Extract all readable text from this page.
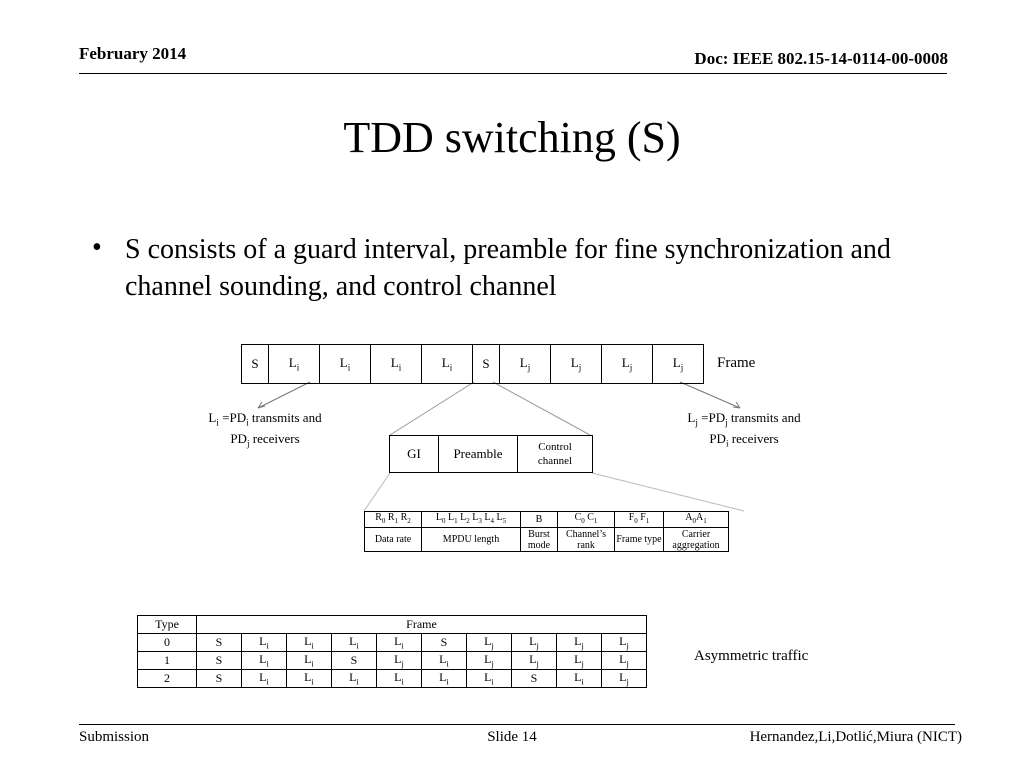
February 2014	Doc: IEEE 802.15-14-0114-00-0008
TDD switching (S)
• S consists of a guard interval, preamble for fine synchronization and channel sounding, and control channel
S	$L_i$	$L_i$	$L_i$	$L_i$	S	$L_j$	$L_j$	$L_j$	$L_j$ Frame
$L_i =PD_i$ transmits and
$PD_j$ receivers
$L_j =PD_j$ transmits and
$PD_i$ receivers
GI	Preamble	Control
channel
$R_0$ $R_1$ $R_2$	$L_0$ $L_1$ $L_2$ $L_3$ $L_4$ $L_5$	B	$C_0$ $C_1$	$F_0$ $F_1$	$A_0A_1$
Data rate	MPDU length	Burst mode	Channel’s rank	Frame type	Carrier aggregation
Type	Frame									
0	S	$L_i$	$L_i$	$L_i$	$L_i$	S	$L_j$	$L_j$	$L_j$	$L_j$
1	S	$L_i$	$L_i$	S	$L_j$	$L_i$	$L_j$	$L_j$	$L_j$	$L_j$
2	S	$L_i$	$L_i$	$L_i$	$L_i$	$L_i$	$L_i$	S	$L_i$	$L_j$
Asymmetric traffic
Submission	Slide 14	Hernandez,Li,Dotlić,Miura (NICT)
